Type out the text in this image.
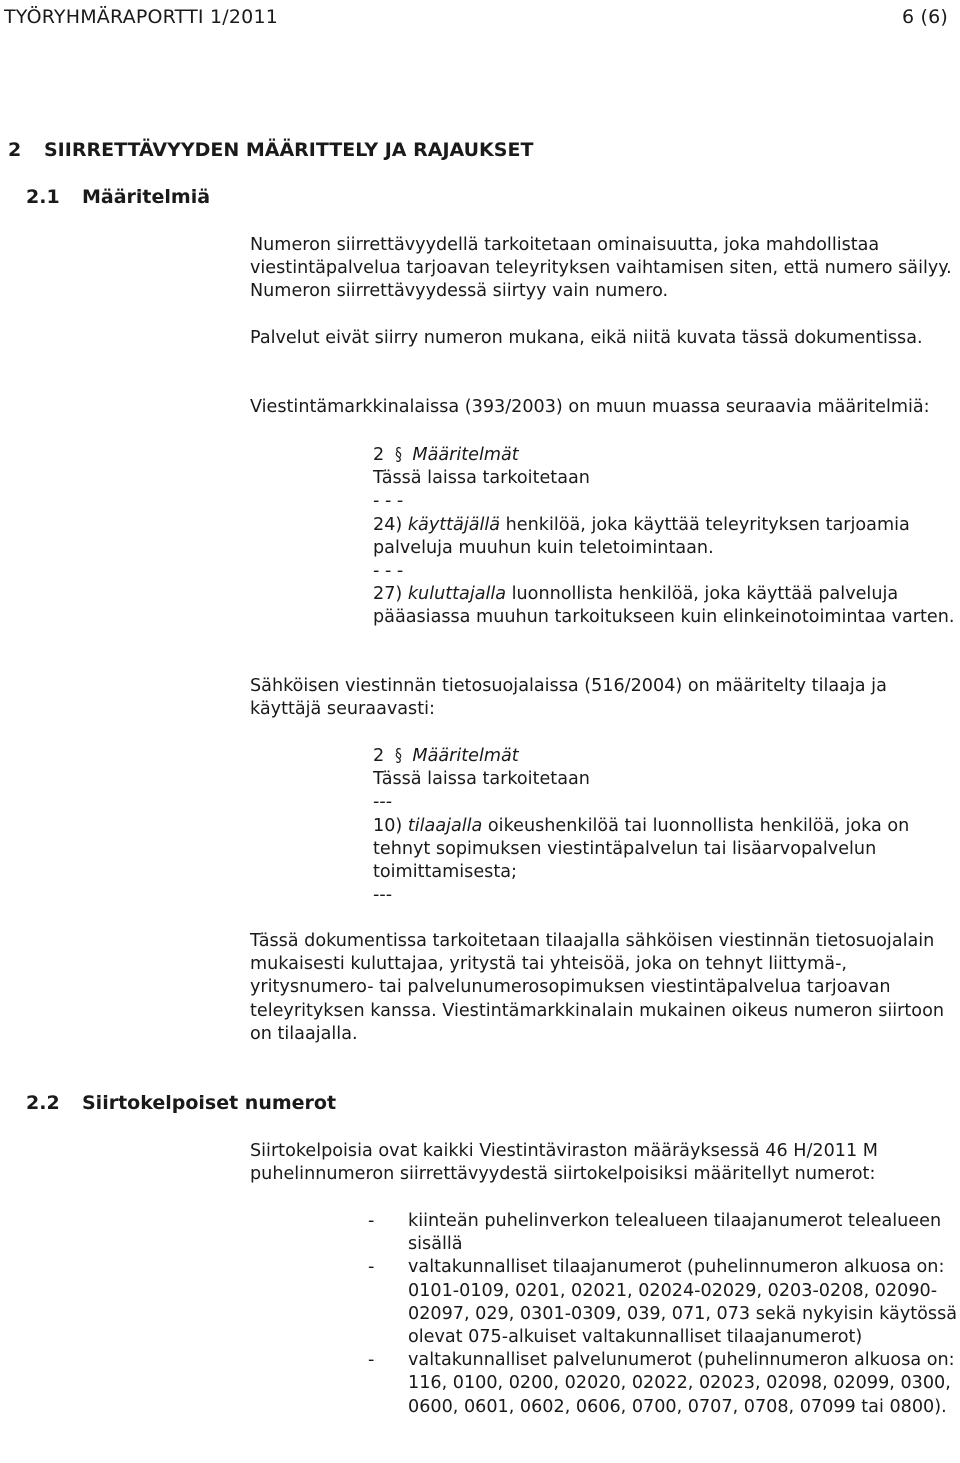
TYÖRYHMÄRAPORTTI 1/2011	6 (6)
2 SIIRRETTÄVYYDEN MÄÄRITTELY JA RAJAUKSET
2.1 Määritelmiä

Numeron siirrettävyydellä tarkoitetaan ominaisuutta, joka mahdollistaa viestintäpalvelua tarjoavan teleyrityksen vaihtamisen siten, että numero säilyy. Numeron siirrettävyydessä siirtyy vain numero.

Palvelut eivät siirry numeron mukana, eikä niitä kuvata tässä dokumentissa.

Viestintämarkkinalaissa (393/2003) on muun muassa seuraavia määritelmiä:

2 § Määritelmät

Tässä laissa tarkoitetaan

- - -

24) käyttäjällä henkilöä, joka käyttää teleyrityksen tarjoamia palveluja muuhun kuin teletoimintaan.

- - -

27) kuluttajalla luonnollista henkilöä, joka käyttää palveluja pääasiassa muuhun tarkoitukseen kuin elinkeinotoimintaa varten.

Sähköisen viestinnän tietosuojalaissa (516/2004) on määritelty tilaaja ja käyttäjä seuraavasti:

2 § Määritelmät

Tässä laissa tarkoitetaan

---

10) tilaajalla oikeushenkilöä tai luonnollista henkilöä, joka on tehnyt sopimuksen viestintäpalvelun tai lisäarvopalvelun toimittamisesta;

---

Tässä dokumentissa tarkoitetaan tilaajalla sähköisen viestinnän tietosuojalain mukaisesti kuluttajaa, yritystä tai yhteisöä, joka on tehnyt liittymä-, yritysnumero- tai palvelunumerosopimuksen viestintäpalvelua tarjoavan teleyrityksen kanssa. Viestintämarkkinalain mukainen oikeus numeron siirtoon on tilaajalla.

2.2 Siirtokelpoiset numerot

Siirtokelpoisia ovat kaikki Viestintäviraston määräyksessä 46 H/2011 M puhelinnumeron siirrettävyydestä siirtokelpoisiksi määritellyt numerot:

-	kiinteän puhelinverkon telealueen tilaajanumerot telealueen sisällä
-	valtakunnalliset tilaajanumerot (puhelinnumeron alkuosa on: 0101-0109, 0201, 02021, 02024-02029, 0203-0208, 02090-02097, 029, 0301-0309, 039, 071, 073 sekä nykyisin käytössä olevat 075-alkuiset valtakunnalliset tilaajanumerot)
-	valtakunnalliset palvelunumerot (puhelinnumeron alkuosa on: 116, 0100, 0200, 02020, 02022, 02023, 02098, 02099, 0300, 0600, 0601, 0602, 0606, 0700, 0707, 0708, 07099 tai 0800).
